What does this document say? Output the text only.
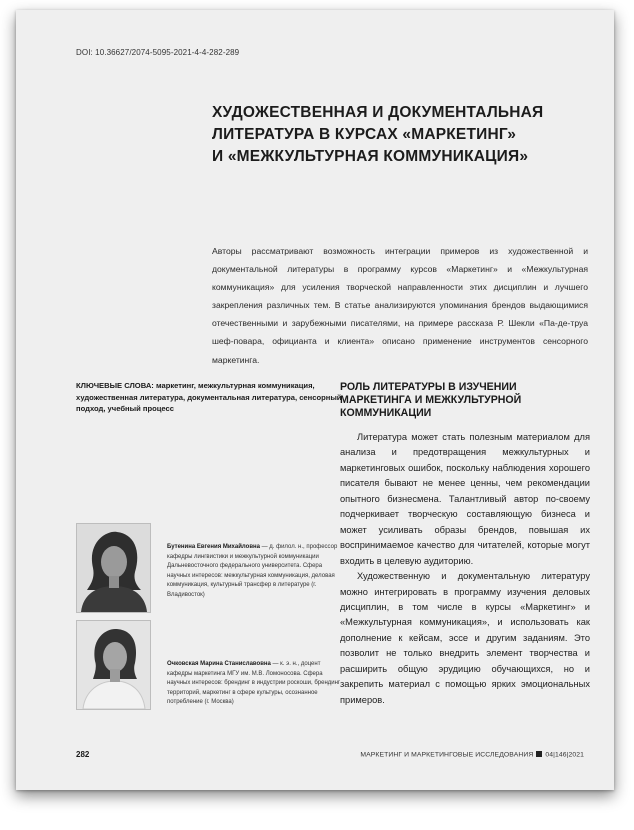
DOI: 10.36627/2074-5095-2021-4-4-282-289
ХУДОЖЕСТВЕННАЯ И ДОКУМЕНТАЛЬНАЯ
ЛИТЕРАТУРА В КУРСАХ «МАРКЕТИНГ»
И «МЕЖКУЛЬТУРНАЯ КОММУНИКАЦИЯ»
Авторы рассматривают возможность интеграции примеров из художественной и документальной литературы в программу курсов «Маркетинг» и «Межкультурная коммуникация» для усиления творческой направленности этих дисциплин и лучшего закрепления различных тем. В статье анализируются упоминания брендов выдающимися отечественными и зарубежными писателями, на примере рассказа Р. Шекли «Па-де-труа шеф-повара, официанта и клиента» описано применение инструментов сенсорного маркетинга.
КЛЮЧЕВЫЕ СЛОВА: маркетинг, межкультурная коммуникация, художественная литература, документальная литература, сенсорный подход, учебный процесс
РОЛЬ ЛИТЕРАТУРЫ В ИЗУЧЕНИИ МАРКЕТИНГА И МЕЖКУЛЬТУРНОЙ КОММУНИКАЦИИ

Литература может стать полезным материалом для анализа и предотвращения межкультурных и маркетинговых ошибок, поскольку наблюдения хорошего писателя бывают не менее ценны, чем рекомендации опытного бизнесмена. Талантливый автор по-своему подчеркивает творческую составляющую бизнеса и может усиливать образы брендов, повышая их воспринимаемое качество для читателей, которые могут входить в целевую аудиторию.

Художественную и документальную литературу можно интегрировать в программу изучения деловых дисциплин, в том числе в курсы «Маркетинг» и «Межкультурная коммуникация», и использовать как дополнение к кейсам, эссе и другим заданиям. Это позволит не только внедрить элемент творчества и расширить общую эрудицию обучающихся, но и закрепить материал с помощью ярких эмоциональных примеров.

Бутенина Евгения Михайловна — д. филол. н., профессор кафедры лингвистики и межкультурной коммуникации Дальневосточного федерального университета. Сфера научных интересов: межкультурная коммуникация, деловая коммуникация, культурный трансфер в литературе (г. Владивосток)
Очковская Марина Станиславовна — к. э. н., доцент кафедры маркетинга МГУ им. М.В. Ломоносова. Сфера научных интересов: брендинг в индустрии роскоши, брендинг территорий, маркетинг в сфере культуры, осознанное потребление (г. Москва)
282	МАРКЕТИНГ И МАРКЕТИНГОВЫЕ ИССЛЕДОВАНИЯ 04|146|2021
